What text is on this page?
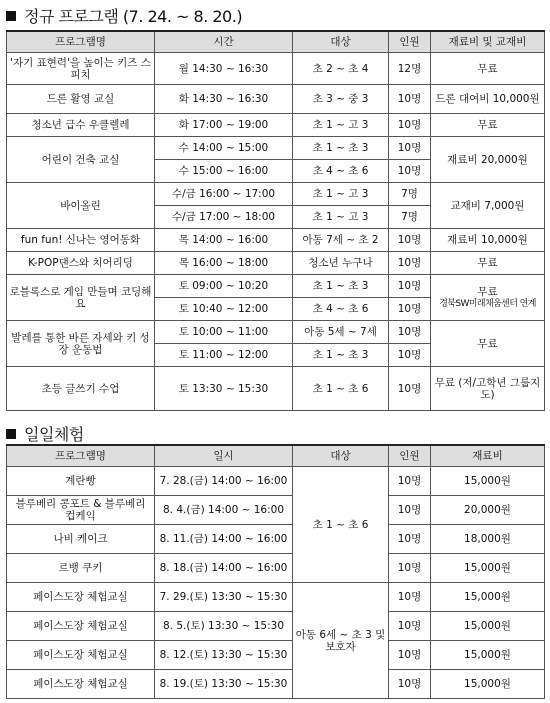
정규 프로그램 (7. 24. ~ 8. 20.)
프로그램명	시간	대상	인원	재료비 및 교재비
'자기 표현력'을 높이는 키즈 스피치	월 14:30 ~ 16:30	초 2 ~ 초 4	12명	무료
드론 활영 교실	화 14:30 ~ 16:30	초 3 ~ 중 3	10명	드론 대여비 10,000원
청소년 급수 우클렐레	화 17:00 ~ 19:00	초 1 ~ 고 3	10명	무료
어린이 건축 교실	수 14:00 ~ 15:00	초 1 ~ 초 3	10명	재료비 20,000원
	수 15:00 ~ 16:00	초 4 ~ 초 6	10명	
바이올린	수/금 16:00 ~ 17:00	초 1 ~ 고 3	7명	교재비 7,000원
	수/금 17:00 ~ 18:00	초 1 ~ 고 3	7명	
fun fun! 신나는 영어동화	목 14:00 ~ 16:00	아동 7세 ~ 초 2	10명	재료비 10,000원
K-POP댄스와 치어리딩	목 16:00 ~ 18:00	청소년 누구나	10명	무료
로블록스로 게임 만들며 코딩해요	토 09:00 ~ 10:20	초 1 ~ 초 3	10명	무료
경북SW미래채움센터 연계

	토 10:40 ~ 12:00	초 4 ~ 초 6	10명	
발레를 통한 바른 자세와 키 성장 운동법	토 10:00 ~ 11:00	아동 5세 ~ 7세	10명	무료
	토 11:00 ~ 12:00	초 1 ~ 초 3	10명	
초등 글쓰기 수업	토 13:30 ~ 15:30	초 1 ~ 초 6	10명	무료 (저/고학년 그룹지도)
일일체험
프로그램명	일시	대상	인원	재료비
계란빵	7. 28.(금) 14:00 ~ 16:00	초 1 ~ 초 6	10명	15,000원
블루베리 콩포트 & 블루베리 컵케익	8. 4.(금) 14:00 ~ 16:00		10명	20,000원
나비 케이크	8. 11.(금) 14:00 ~ 16:00		10명	18,000원
르뱅 쿠키	8. 18.(금) 14:00 ~ 16:00		10명	15,000원
페이스도장 체험교실	7. 29.(토) 13:30 ~ 15:30	아동 6세 ~ 초 3 및 보호자	10명	15,000원
페이스도장 체험교실	8. 5.(토) 13:30 ~ 15:30		10명	15,000원
페이스도장 체험교실	8. 12.(토) 13:30 ~ 15:30		10명	15,000원
페이스도장 체험교실	8. 19.(토) 13:30 ~ 15:30		10명	15,000원
